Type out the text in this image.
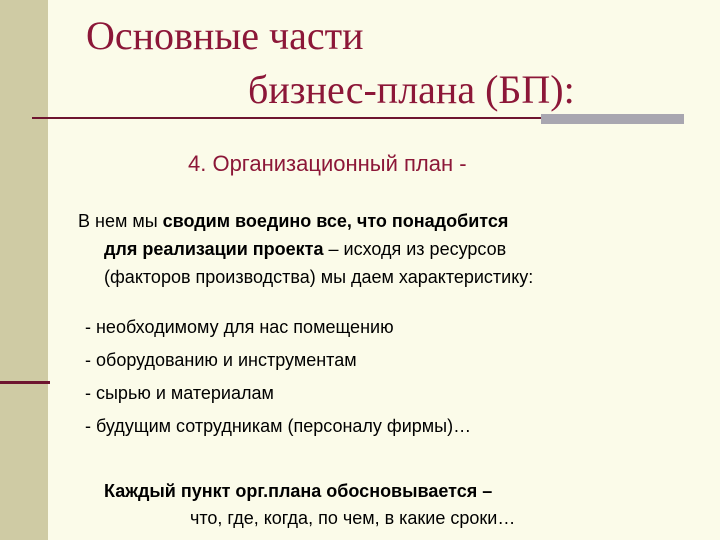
Основные части
бизнес-плана (БП):
4. Организационный план -
В нем мы сводим воедино все, что понадобится
для реализации проекта – исходя из ресурсов
(факторов производства) мы даем характеристику:
- необходимому для нас помещению
- оборудованию и инструментам
- сырью и материалам
- будущим сотрудникам (персоналу фирмы)…
Каждый пункт орг.плана обосновывается –
что, где, когда, по чем, в какие сроки…
